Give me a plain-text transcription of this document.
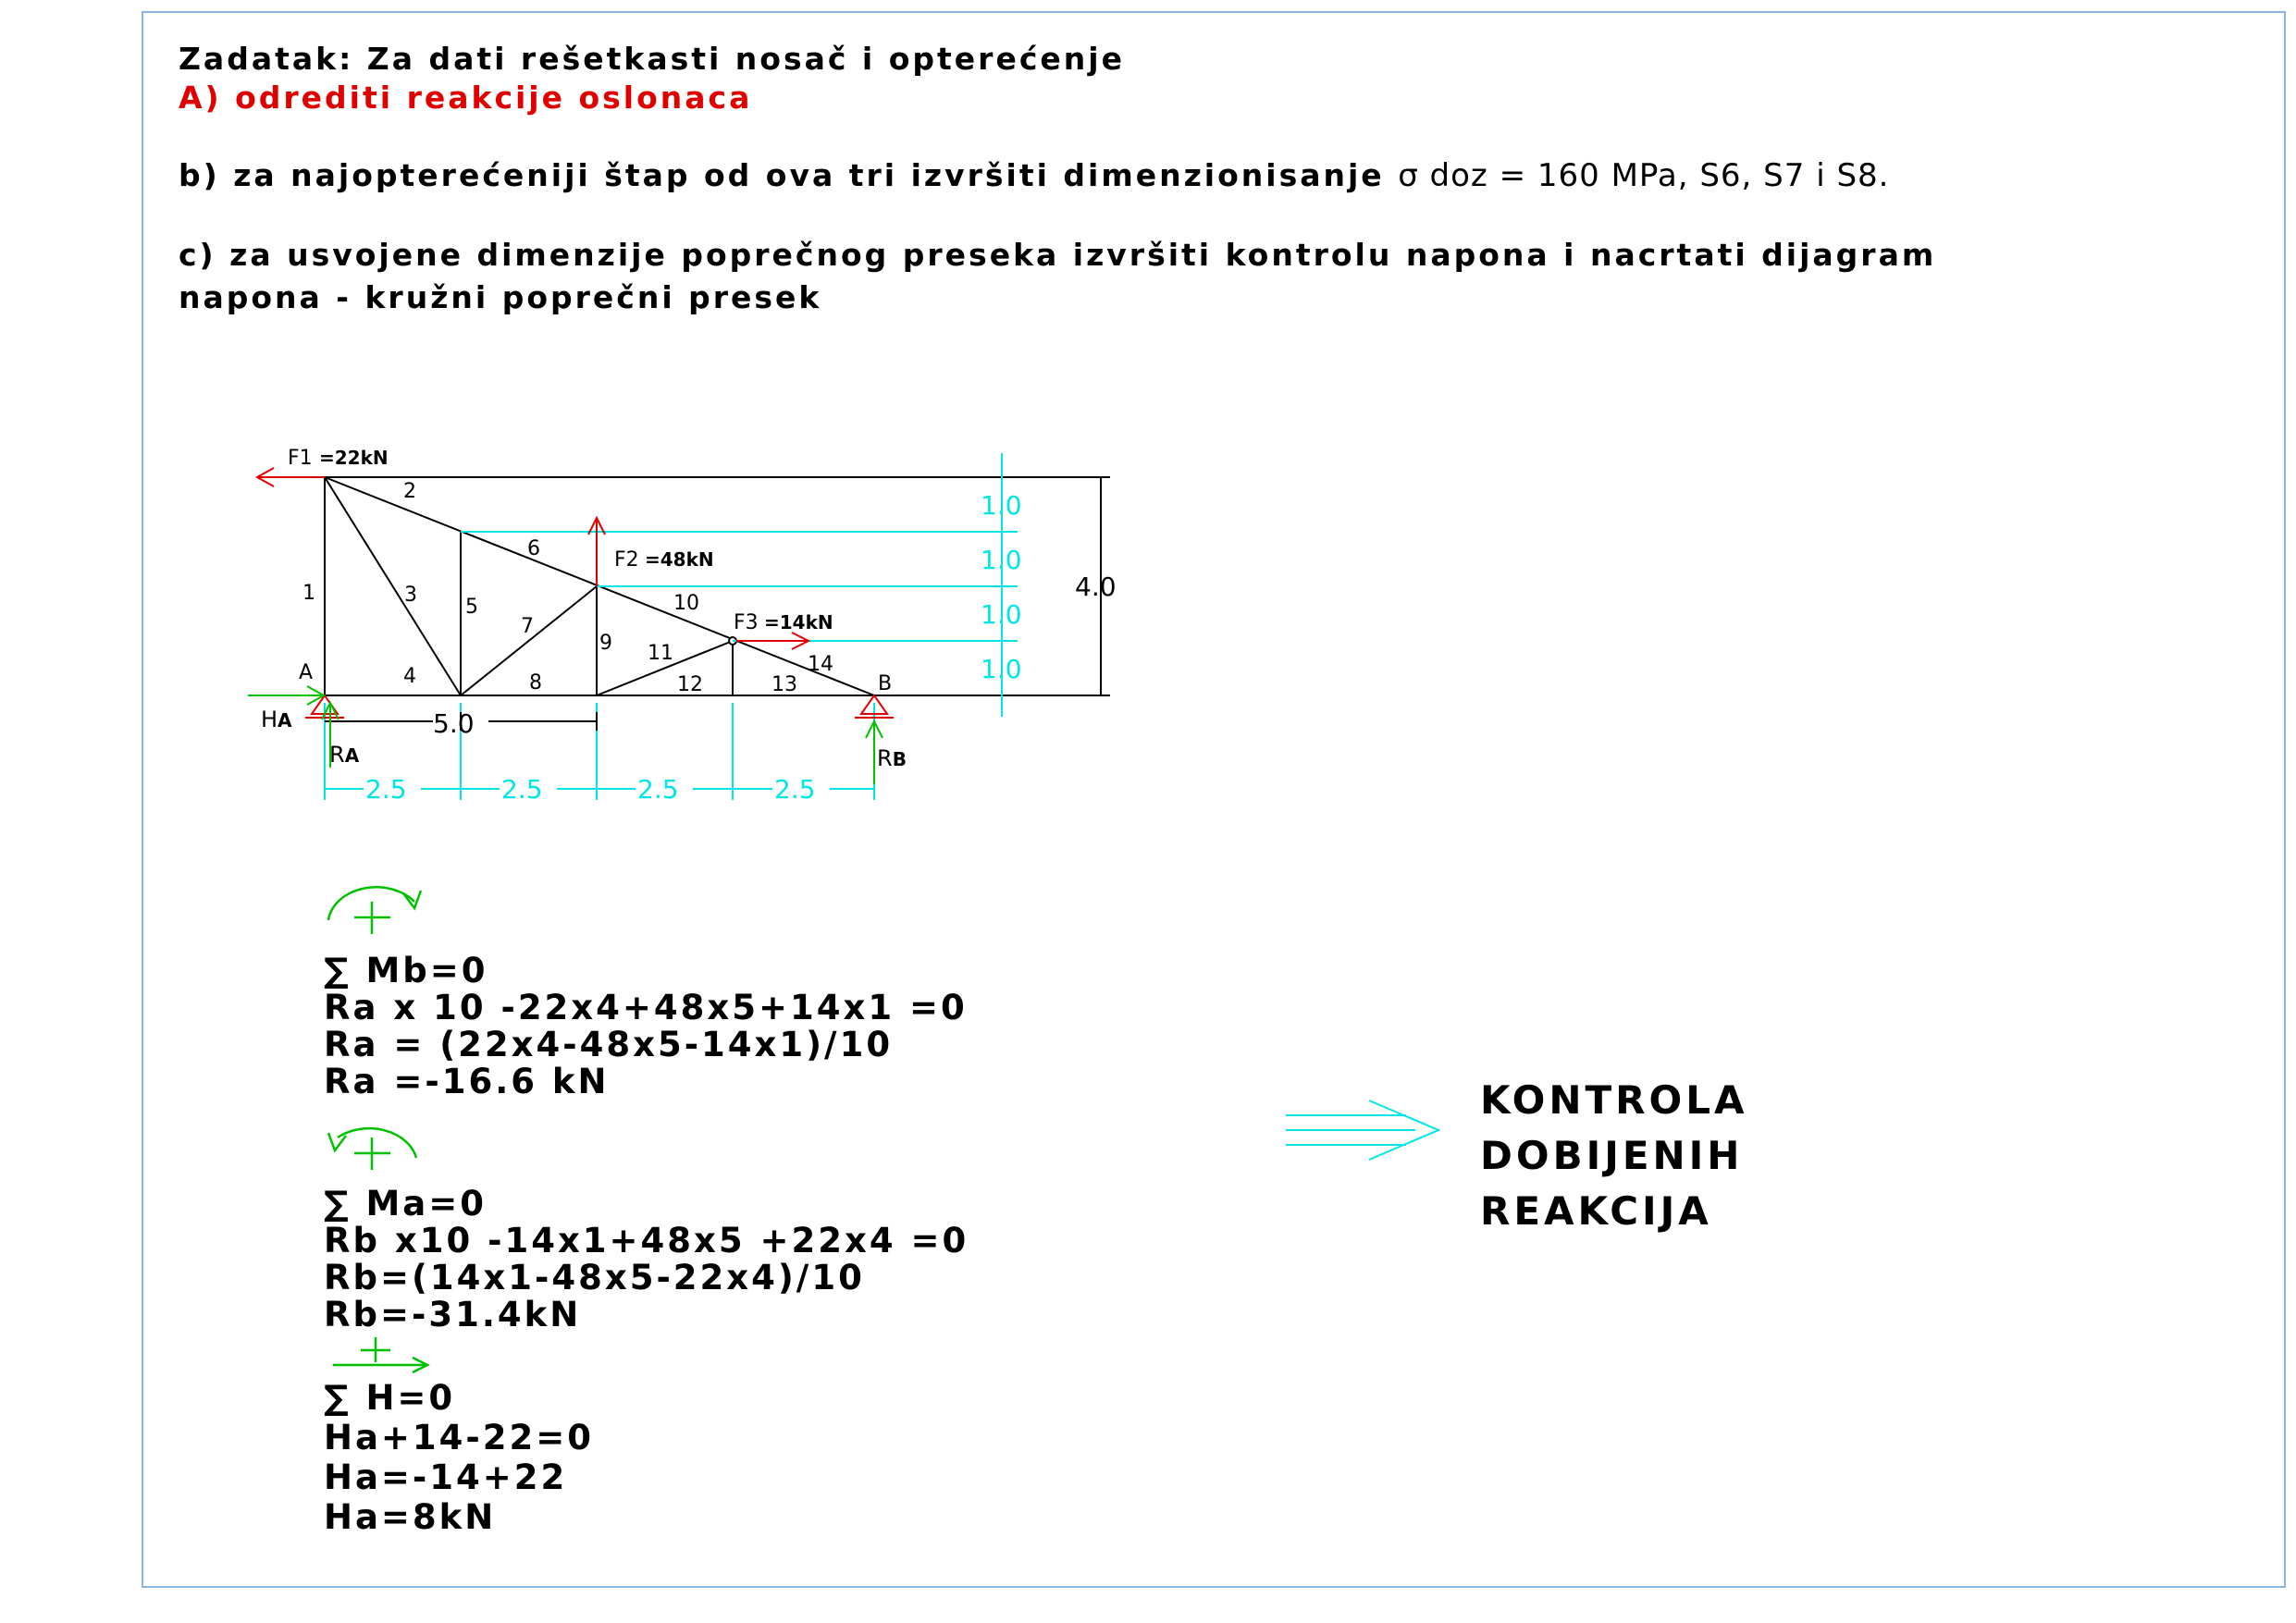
Zadatak: Za dati rešetkasti nosač i opterećenje
A) odrediti reakcije oslonaca
b) za najopterećeniji štap od ova tri izvršiti dimenzionisanje σ doz = 160 MPa, S6, S7 i S8.
c) za usvojene dimenzije poprečnog preseka izvršiti kontrolu napona i nacrtati dijagram
napona - kružni poprečni presek
F1 =22kN
F2 =48kN
F3 =14kN
1
2
3
4
5
6
7
8
9
10
11
12	13
14
A	B
HA
RA	RB
5.0
2.5	2.5	2.5	2.5
1.0
1.0
1.0
1.0
4.0
∑ Mb=0
Ra x 10 -22x4+48x5+14x1 =0
Ra = (22x4-48x5-14x1)/10
Ra =-16.6 kN
∑ Ma=0
Rb x10 -14x1+48x5 +22x4 =0
Rb=(14x1-48x5-22x4)/10
Rb=-31.4kN
∑ H=0
Ha+14-22=0
Ha=-14+22
Ha=8kN
KONTROLA
DOBIJENIH
REAKCIJA
